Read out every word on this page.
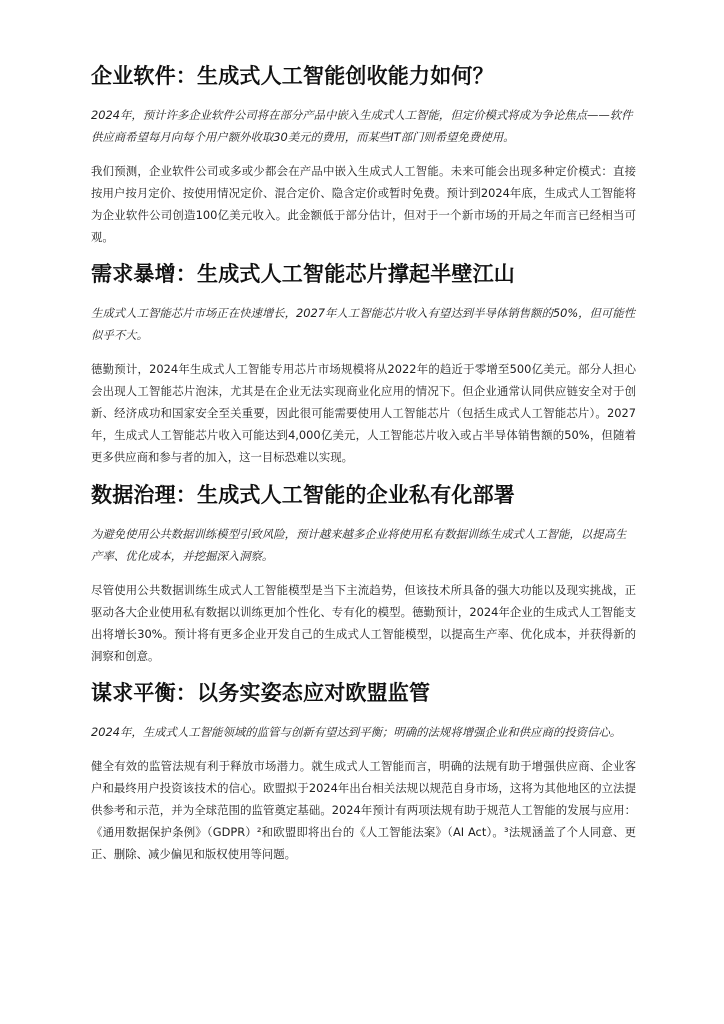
企业软件：生成式人工智能创收能力如何？

2024年，预计许多企业软件公司将在部分产品中嵌入生成式人工智能，但定价模式将成为争论焦点——软件供应商希望每月向每个用户额外收取30美元的费用，而某些IT部门则希望免费使用。

我们预测，企业软件公司或多或少都会在产品中嵌入生成式人工智能。未来可能会出现多种定价模式：直接按用户按月定价、按使用情况定价、混合定价、隐含定价或暂时免费。预计到2024年底，生成式人工智能将为企业软件公司创造100亿美元收入。此金额低于部分估计，但对于一个新市场的开局之年而言已经相当可观。

需求暴增：生成式人工智能芯片撑起半壁江山

生成式人工智能芯片市场正在快速增长，2027年人工智能芯片收入有望达到半导体销售额的50%，但可能性似乎不大。

德勤预计，2024年生成式人工智能专用芯片市场规模将从2022年的趋近于零增至500亿美元。部分人担心会出现人工智能芯片泡沫，尤其是在企业无法实现商业化应用的情况下。但企业通常认同供应链安全对于创新、经济成功和国家安全至关重要，因此很可能需要使用人工智能芯片（包括生成式人工智能芯片）。2027年，生成式人工智能芯片收入可能达到4,000亿美元，人工智能芯片收入或占半导体销售额的50%，但随着更多供应商和参与者的加入，这一目标恐难以实现。

数据治理：生成式人工智能的企业私有化部署

为避免使用公共数据训练模型引致风险，预计越来越多企业将使用私有数据训练生成式人工智能，以提高生产率、优化成本，并挖掘深入洞察。

尽管使用公共数据训练生成式人工智能模型是当下主流趋势，但该技术所具备的强大功能以及现实挑战，正驱动各大企业使用私有数据以训练更加个性化、专有化的模型。德勤预计，2024年企业的生成式人工智能支出将增长30%。预计将有更多企业开发自己的生成式人工智能模型，以提高生产率、优化成本，并获得新的洞察和创意。

谋求平衡：以务实姿态应对欧盟监管

2024年，生成式人工智能领域的监管与创新有望达到平衡；明确的法规将增强企业和供应商的投资信心。

健全有效的监管法规有利于释放市场潜力。就生成式人工智能而言，明确的法规有助于增强供应商、企业客户和最终用户投资该技术的信心。欧盟拟于2024年出台相关法规以规范自身市场，这将为其他地区的立法提供参考和示范，并为全球范围的监管奠定基础。2024年预计有两项法规有助于规范人工智能的发展与应用：《通用数据保护条例》（GDPR）²和欧盟即将出台的《人工智能法案》（AI Act）。³法规涵盖了个人同意、更正、删除、减少偏见和版权使用等问题。
